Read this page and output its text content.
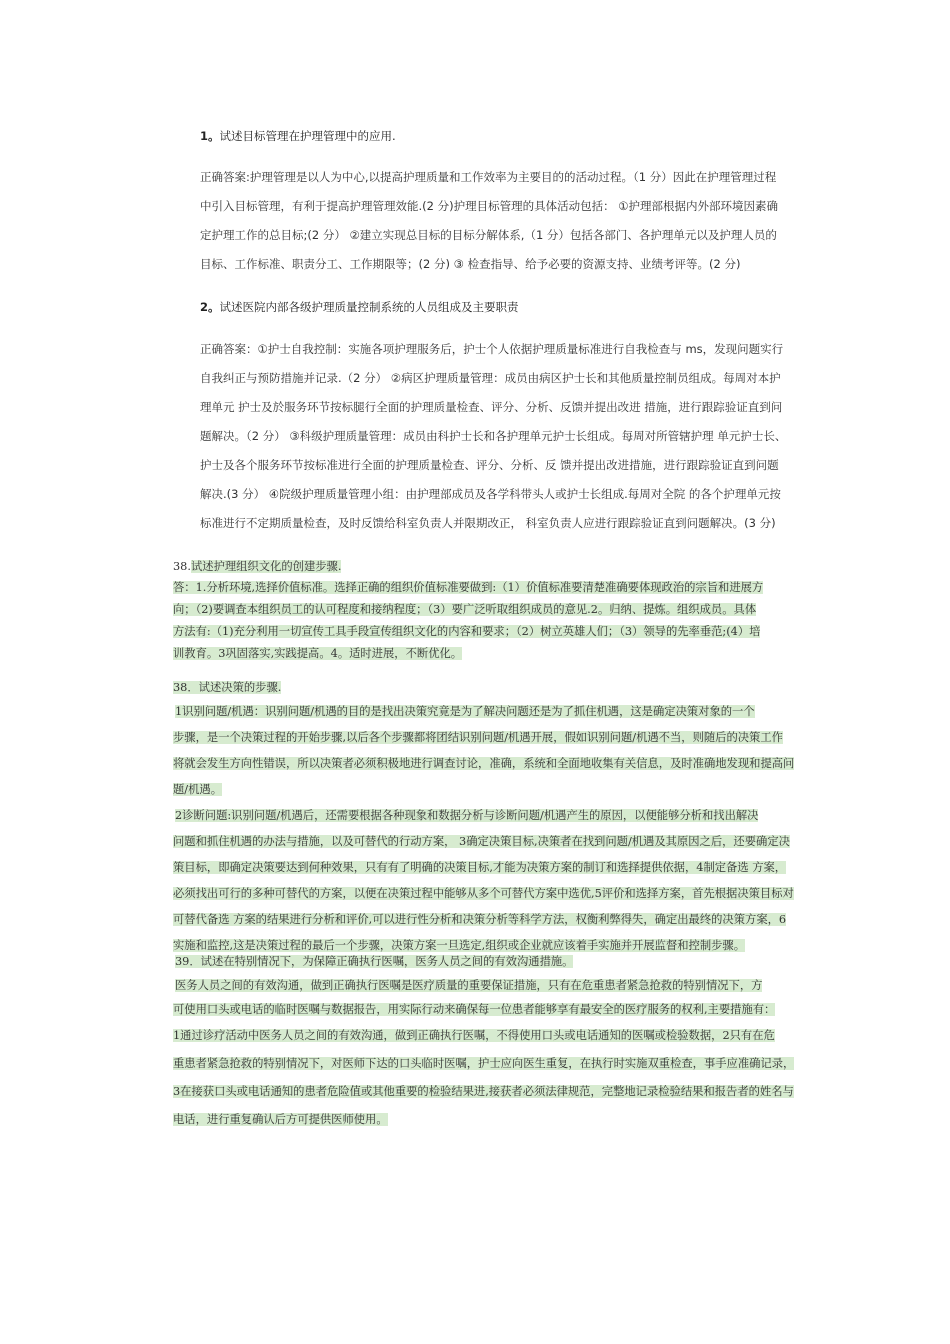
1。试述目标管理在护理管理中的应用.
正确答案:护理管理是以人为中心,以提高护理质量和工作效率为主要目的的活动过程。（1 分）因此在护理管理过程
中引入目标管理，有利于提高护理管理效能.(2 分)护理目标管理的具体活动包括： ①护理部根据内外部环境因素确
定护理工作的总目标;(2 分） ②建立实现总目标的目标分解体系,（1 分）包括各部门、各护理单元以及护理人员的
目标、工作标准、职责分工、工作期限等；(2 分) ③ 检查指导、给予必要的资源支持、业绩考评等。(2 分)
2。试述医院内部各级护理质量控制系统的人员组成及主要职责
正确答案：①护士自我控制：实施各项护理服务后，护士个人依据护理质量标准进行自我检查与 ms，发现问题实行
自我纠正与预防措施并记录.（2 分） ②病区护理质量管理：成员由病区护士长和其他质量控制员组成。每周对本护
理单元 护士及於服务环节按标腿行全面的护理质量检查、评分、分析、反馈并提出改进 措施，进行跟踪验证直到问
题解决。（2 分） ③科级护理质量管理：成员由科护士长和各护理单元护士长组成。每周对所管辖护理 单元护士长、
护士及各个服务环节按标准进行全面的护理质量检查、评分、分析、反 馈并提出改进措施，进行跟踪验证直到问题
解决.(3 分） ④院级护理质量管理小组：由护理部成员及各学科带头人或护士长组成.每周对全院 的各个护理单元按
标准进行不定期质量检查，及时反馈给科室负责人并限期改正， 科室负责人应进行跟踪验证直到问题解决。(3 分)
38.试述护理组织文化的创建步骤.
答：1.分析环境,选择价值标准。选择正确的组织价值标准要做到:（1）价值标准要清楚准确要体现政治的宗旨和进展方
向；（2)要调查本组织员工的认可程度和接纳程度；（3）要广泛听取组织成员的意见.2。归纳、提炼。组织成员。具体
方法有:（1)充分利用一切宣传工具手段宣传组织文化的内容和要求；（2）树立英雄人们；（3）领导的先率垂范;(4）培
训教育。3巩固落实,实践提高。4。适时进展，不断优化。
38．试述决策的步骤.
1识别问题/机遇：识别问题/机遇的目的是找出决策究竟是为了解决问题还是为了抓住机遇，这是确定决策对象的一个
步骤，是一个决策过程的开始步骤,以后各个步骤都将团结识别问题/机遇开展，假如识别问题/机遇不当，则随后的决策工作
将就会发生方向性错误，所以决策者必须积极地进行调查讨论，准确，系统和全面地收集有关信息，及时准确地发现和提高问
题/机遇。
2诊断问题:识别问题/机遇后，还需要根据各种现象和数据分析与诊断问题/机遇产生的原因，以便能够分析和找出解决
问题和抓住机遇的办法与措施，以及可替代的行动方案， 3确定决策目标,决策者在找到问题/机遇及其原因之后，还要确定决
策目标，即确定决策要达到何种效果，只有有了明确的决策目标,才能为决策方案的制订和选择提供依据，4制定备选 方案，
必须找出可行的多种可替代的方案，以便在决策过程中能够从多个可替代方案中选优,5评价和选择方案，首先根据决策目标对
可替代备选 方案的结果进行分析和评价,可以进行性分析和决策分析等科学方法，权衡利弊得失，确定出最终的决策方案，6
实施和监控,这是决策过程的最后一个步骤，决策方案一旦选定,组织或企业就应该着手实施并开展监督和控制步骤。
39．试述在特别情况下，为保障正确执行医嘱，医务人员之间的有效沟通措施。
医务人员之间的有效沟通，做到正确执行医嘱是医疗质量的重要保证措施，只有在危重患者紧急抢救的特别情况下，方
可使用口头或电话的临时医嘱与数据报告，用实际行动来确保每一位患者能够享有最安全的医疗服务的权利,主要措施有：
1通过诊疗活动中医务人员之间的有效沟通，做到正确执行医嘱，不得使用口头或电话通知的医嘱或检验数据，2只有在危
重患者紧急抢救的特别情况下，对医师下达的口头临时医嘱，护士应向医生重复，在执行时实施双重检查，事手应准确记录，
3在接获口头或电话通知的患者危险值或其他重要的检验结果进,接获者必须法律规范，完整地记录检验结果和报告者的姓名与
电话，进行重复确认后方可提供医师使用。
